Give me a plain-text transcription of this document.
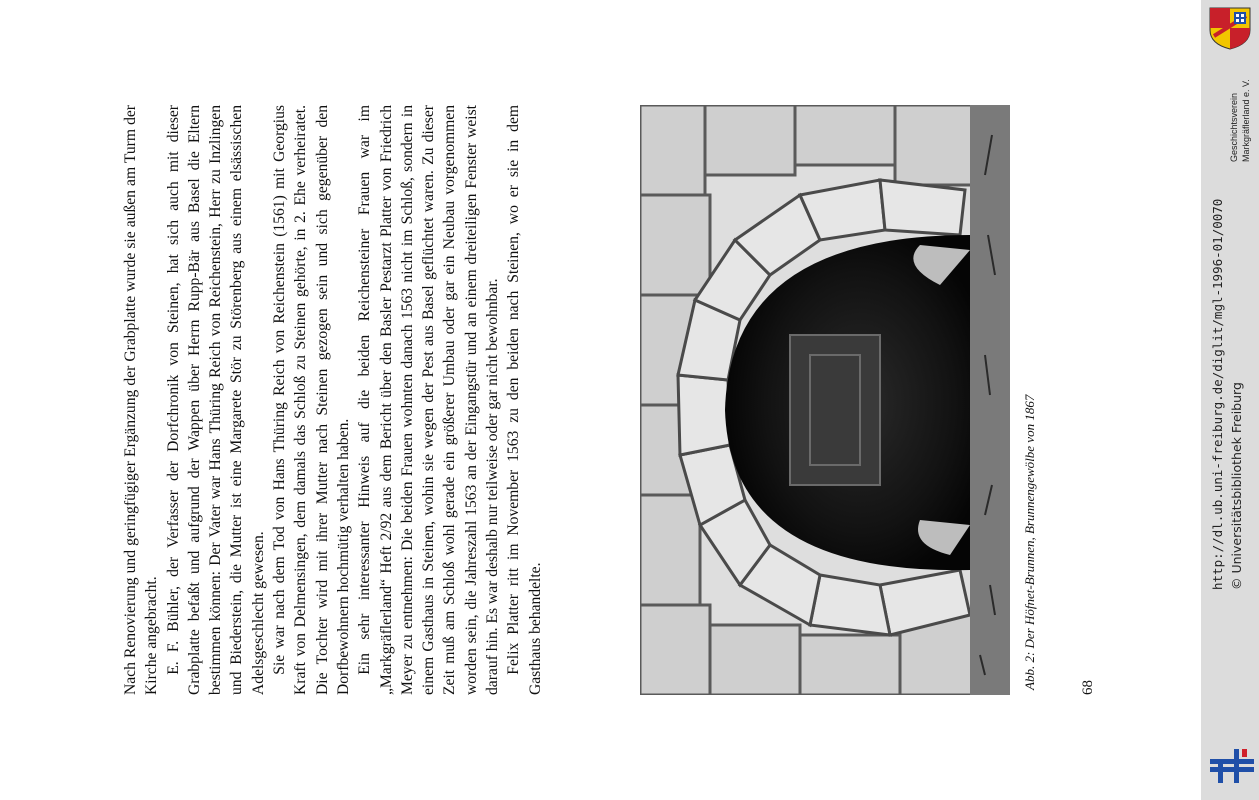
Nach Renovierung und geringfügiger Ergänzung der Grabplatte wurde sie außen am Turm der Kirche angebracht. E. F. Bühler, der Verfasser der Dorfchronik von Steinen, hat sich auch mit dieser Grabplatte befaßt und aufgrund der Wappen über Herrn Rupp-Bär aus Basel die Eltern bestimmen können: Der Vater war Hans Thüring Reich von Reichenstein, Herr zu Inzlingen und Biederstein, die Mutter ist eine Margarete Stör zu Störenberg aus einem elsässischen Adelsgeschlecht gewesen. Sie war nach dem Tod von Hans Thüring Reich von Reichenstein (1561) mit Georgius Kraft von Delmensingen, dem damals das Schloß zu Steinen gehörte, in 2. Ehe verheiratet. Die Tochter wird mit ihrer Mutter nach Steinen gezogen sein und sich gegenüber den Dorfbewohnern hochmütig verhalten haben. Ein sehr interessanter Hinweis auf die beiden Reichensteiner Frauen war im „Markgräflerland“ Heft 2/92 aus dem Bericht über den Basler Pestarzt Platter von Friedrich Meyer zu entnehmen: Die beiden Frauen wohnten danach 1563 nicht im Schloß, sondern in einem Gasthaus in Steinen, wohin sie wegen der Pest aus Basel geflüchtet waren. Zu dieser Zeit muß am Schloß wohl gerade ein größerer Umbau oder gar ein Neubau vorgenommen worden sein, die Jahreszahl 1563 an der Eingangstür und an einem dreiteiligen Fenster weist darauf hin. Es war deshalb nur teilweise oder gar nicht bewohnbar. Felix Platter ritt im November 1563 zu den beiden nach Steinen, wo er sie in dem Gasthaus behandelte.	Abb. 2: Der Höfnet-Brunnen, Brunnengewölbe von 1867	68
Geschichtsverein Markgräflerland e. V.
http://dl.ub.uni-freiburg.de/diglit/mgl-1996-01/0070 © Universitätsbibliothek Freiburg
